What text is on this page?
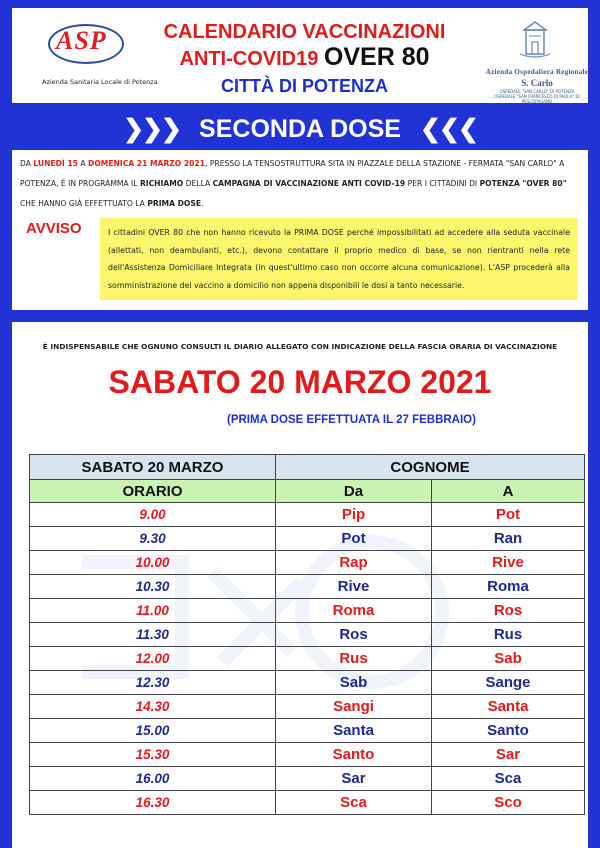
ASP
Azienda Sanitaria Locale di Potenza
CALENDARIO VACCINAZIONI
ANTI-COVID19 OVER 80
CITTÀ DI POTENZA
Azienda Ospedaliera Regionale
S. Carlo
OSPEDALE "SAN CARLO" DI POTENZA
OSPEDALE "SAN FRANCESCO DI PAOLA" DI PESCOPAGANO
❯❯❯ SECONDA DOSE ❮❮❮
DA LUNEDÌ 15 A DOMENICA 21 MARZO 2021, PRESSO LA TENSOSTRUTTURA SITA IN PIAZZALE DELLA STAZIONE - FERMATA "SAN CARLO" A POTENZA, È IN PROGRAMMA IL RICHIAMO DELLA CAMPAGNA DI VACCINAZIONE ANTI COVID-19 PER I CITTADINI DI POTENZA "OVER 80" CHE HANNO GIÀ EFFETTUATO LA PRIMA DOSE.
AVVISO	I cittadini OVER 80 che non hanno ricevuto la PRIMA DOSE perché impossibilitati ad accedere alla seduta vaccinale (allettati, non deambulanti, etc.), devono contattare il proprio medico di base, se non rientranti nella rete dell'Assistenza Domiciliare Integrata (in quest'ultimo caso non occorre alcuna comunicazione). L'ASP procederà alla somministrazione del vaccino a domicilio non appena disponibili le dosi a tanto necessarie.
È INDISPENSABILE CHE OGNUNO CONSULTI IL DIARIO ALLEGATO CON INDICAZIONE DELLA FASCIA ORARIA DI VACCINAZIONE
SABATO 20 MARZO 2021
(PRIMA DOSE EFFETTUATA IL 27 FEBBRAIO)
SABATO 20 MARZO	COGNOME	
ORARIO	Da	A
9.00	Pip	Pot
9.30	Pot	Ran
10.00	Rap	Rive
10.30	Rive	Roma
11.00	Roma	Ros
11.30	Ros	Rus
12.00	Rus	Sab
12.30	Sab	Sange
14.30	Sangi	Santa
15.00	Santa	Santo
15.30	Santo	Sar
16.00	Sar	Sca
16.30	Sca	Sco
